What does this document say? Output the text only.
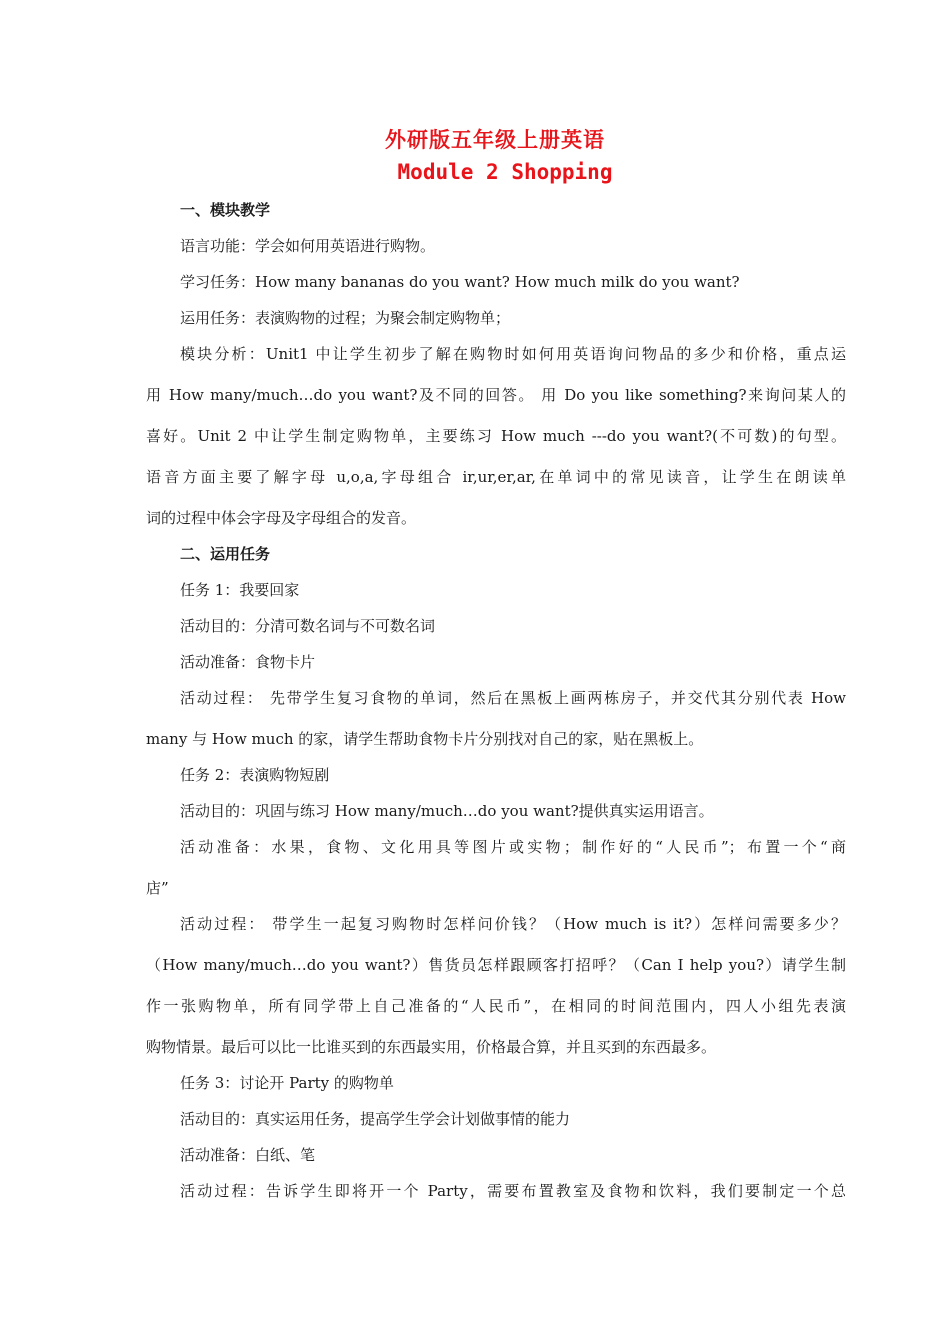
外研版五年级上册英语
Module 2 Shopping
一、模块教学
语言功能：学会如何用英语进行购物。
学习任务：How many bananas do you want? How much milk do you want?
运用任务：表演购物的过程；为聚会制定购物单；
模块分析：Unit1 中让学生初步了解在购物时如何用英语询问物品的多少和价格，重点运
用 How many/much…do you want?及不同的回答。 用 Do you like something?来询问某人的
喜好。Unit 2 中让学生制定购物单，主要练习 How much ---do you want?(不可数)的句型。
语音方面主要了解字母 u,o,a,字母组合 ir,ur,er,ar,在单词中的常见读音，让学生在朗读单
词的过程中体会字母及字母组合的发音。
二、运用任务
任务 1：我要回家
活动目的：分清可数名词与不可数名词
活动准备：食物卡片
活动过程： 先带学生复习食物的单词，然后在黑板上画两栋房子，并交代其分别代表 How
many 与 How much 的家，请学生帮助食物卡片分别找对自己的家，贴在黑板上。
任务 2：表演购物短剧
活动目的：巩固与练习 How many/much…do you want?提供真实运用语言。
活动准备：水果，食物、文化用具等图片或实物；制作好的“人民币”；布置一个“商
店”
活动过程： 带学生一起复习购物时怎样问价钱？（How much is it?）怎样问需要多少？
（How many/much…do you want?）售货员怎样跟顾客打招呼？（Can I help you?）请学生制
作一张购物单，所有同学带上自己准备的“人民币”，在相同的时间范围内，四人小组先表演
购物情景。最后可以比一比谁买到的东西最实用，价格最合算，并且买到的东西最多。
任务 3：讨论开 Party 的购物单
活动目的：真实运用任务，提高学生学会计划做事情的能力
活动准备：白纸、笔
活动过程：告诉学生即将开一个 Party，需要布置教室及食物和饮料，我们要制定一个总
